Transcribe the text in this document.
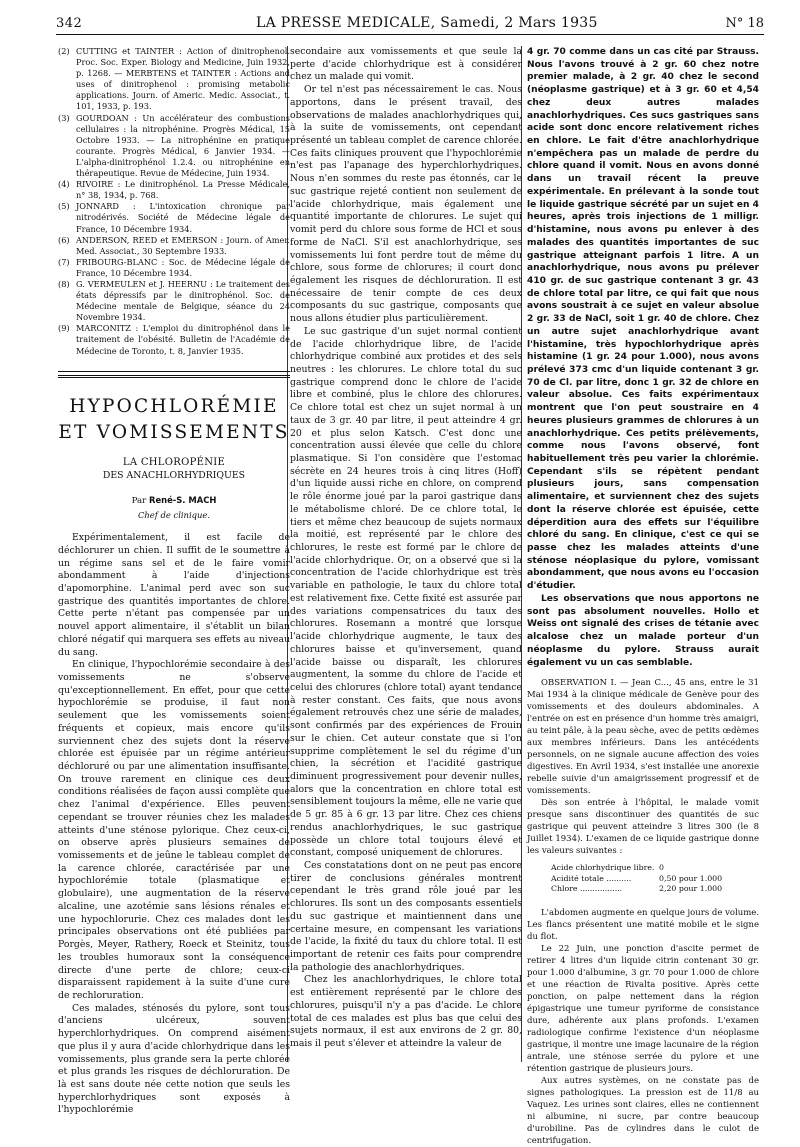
342	LA PRESSE MEDICALE, Samedi, 2 Mars 1935	N° 18
(2) CUTTING et TAINTER : Action of dinitrophenol. Proc. Soc. Exper. Biology and Medicine, Juin 1932, p. 1268. — MERBTENS et TAINTER : Actions and uses of dinitrophenol : promising metabolic applications. Journ. of Americ. Medic. Associat., t. 101, 1933, p. 193.
(3) GOURDOAN : Un accélérateur des combustions cellulaires : la nitrophénine. Progrès Médical, 15 Octobre 1933. — La nitrophénine en pratique courante. Progrès Médical, 6 Janvier 1934. — L'alpha-dinitrophénol 1.2.4. ou nitrophénine en thérapeutique. Revue de Médecine, Juin 1934.
(4) RIVOIRE : Le dinitrophénol. La Presse Médicale, n° 38, 1934, p. 768.
(5) JONNARD : L'intoxication chronique par nitrodérivés. Société de Médecine légale de France, 10 Décembre 1934.
(6) ANDERSON, REED et EMERSON : Journ. of Amer. Med. Associat., 30 Septembre 1933.
(7) FRIBOURG-BLANC : Soc. de Médecine légale de France, 10 Décembre 1934.
(8) G. VERMEULEN et J. HEERNU : Le traitement des états dépressifs par le dinitrophénol. Soc. de Médecine mentale de Belgique, séance du 24 Novembre 1934.
(9) MARCONITZ : L'emploi du dinitrophénol dans le traitement de l'obésité. Bulletin de l'Académie de Médecine de Toronto, t. 8, Janvier 1935.
HYPOCHLORÉMIE ET VOMISSEMENTS
LA CHLOROPÉNIE
DES ANACHLORHYDRIQUES
Par René-S. MACH
Chef de clinique.

Expérimentalement, il est facile de déchlorurer un chien. Il suffit de le soumettre à un régime sans sel et de le faire vomir abondamment à l'aide d'injections d'apomorphine. L'animal perd avec son suc gastrique des quantités importantes de chlore. Cette perte n'étant pas compensée par un nouvel apport alimentaire, il s'établit un bilan chloré négatif qui marquera ses effets au niveau du sang.

En clinique, l'hypochlorémie secondaire à des vomissements ne s'observe qu'exceptionnellement. En effet, pour que cette hypochlorémie se produise, il faut non seulement que les vomissements soient fréquents et copieux, mais encore qu'ils surviennent chez des sujets dont la réserve chlorée est épuisée par un régime antérieur déchloruré ou par une alimentation insuffisante. On trouve rarement en clinique ces deux conditions réalisées de façon aussi complète que chez l'animal d'expérience. Elles peuvent cependant se trouver réunies chez les malades atteints d'une sténose pylorique. Chez ceux-ci, on observe après plusieurs semaines de vomissements et de jeûne le tableau complet de la carence chlorée, caractérisée par une hypochlorémie totale (plasmatique et globulaire), une augmentation de la réserve alcaline, une azotémie sans lésions rénales et une hypochlorurie. Chez ces malades dont les principales observations ont été publiées par Porgès, Meyer, Rathery, Roeck et Steinitz, tous les troubles humoraux sont la conséquence directe d'une perte de chlore; ceux-ci disparaissent rapidement à la suite d'une cure de rechloruration.

Ces malades, sténosés du pylore, sont tous d'anciens ulcéreux, souvent hyperchlorhydriques. On comprend aisément que plus il y aura d'acide chlorhydrique dans les vomissements, plus grande sera la perte chlorée et plus grands les risques de déchloruration. De là est sans doute née cette notion que seuls les hyperchlorhydriques sont exposés à l'hypochlorémie

secondaire aux vomissements et que seule la perte d'acide chlorhydrique est à considérer chez un malade qui vomit.

Or tel n'est pas nécessairement le cas. Nous apportons, dans le présent travail, des observations de malades anachlorhydriques qui, à la suite de vomissements, ont cependant présenté un tableau complet de carence chlorée. Ces faits cliniques prouvent que l'hypochlorémie n'est pas l'apanage des hyperchlorhydriques. Nous n'en sommes du reste pas étonnés, car le suc gastrique rejeté contient non seulement de l'acide chlorhydrique, mais également une quantité importante de chlorures. Le sujet qui vomit perd du chlore sous forme de HCl et sous forme de NaCl. S'il est anachlorhydrique, ses vomissements lui font perdre tout de même du chlore, sous forme de chlorures; il court donc également les risques de déchloruration. Il est nécessaire de tenir compte de ces deux composants du suc gastrique, composants que nous allons étudier plus particulièrement.

Le suc gastrique d'un sujet normal contient de l'acide chlorhydrique libre, de l'acide chlorhydrique combiné aux protides et des sels neutres : les chlorures. Le chlore total du suc gastrique comprend donc le chlore de l'acide libre et combiné, plus le chlore des chlorures. Ce chlore total est chez un sujet normal à un taux de 3 gr. 40 par litre, il peut atteindre 4 gr. 20 et plus selon Katsch. C'est donc une concentration aussi élevée que celle du chlore plasmatique. Si l'on considère que l'estomac sécrète en 24 heures trois à cinq litres (Hoff) d'un liquide aussi riche en chlore, on comprend le rôle énorme joué par la paroi gastrique dans le métabolisme chloré. De ce chlore total, le tiers et même chez beaucoup de sujets normaux la moitié, est représenté par le chlore des chlorures, le reste est formé par le chlore de l'acide chlorhydrique. Or, on a observé que si la concentration de l'acide chlorhydrique est très variable en pathologie, le taux du chlore total est relativement fixe. Cette fixité est assurée par des variations compensatrices du taux des chlorures. Rosemann a montré que lorsque l'acide chlorhydrique augmente, le taux des chlorures baisse et qu'inversement, quand l'acide baisse ou disparaît, les chlorures augmentent, la somme du chlore de l'acide et celui des chlorures (chlore total) ayant tendance à rester constant. Ces faits, que nous avons également retrouvés chez une série de malades, sont confirmés par des expériences de Frouin sur le chien. Cet auteur constate que si l'on supprime complètement le sel du régime d'un chien, la sécrétion et l'acidité gastrique diminuent progressivement pour devenir nulles, alors que la concentration en chlore total est sensiblement toujours la même, elle ne varie que de 5 gr. 85 à 6 gr. 13 par litre. Chez ces chiens rendus anachlorhydriques, le suc gastrique possède un chlore total toujours élevé et constant, composé uniquement de chlorures.

Ces constatations dont on ne peut pas encore tirer de conclusions générales montrent cependant le très grand rôle joué par les chlorures. Ils sont un des composants essentiels du suc gastrique et maintiennent dans une certaine mesure, en compensant les variations de l'acide, la fixité du taux du chlore total. Il est important de retenir ces faits pour comprendre la pathologie des anachlorhydriques.

Chez les anachlorhydriques, le chlore total est entièrement représenté par le chlore des chlorures, puisqu'il n'y a pas d'acide. Le chlore total de ces malades est plus bas que celui des sujets normaux, il est aux environs de 2 gr. 80, mais il peut s'élever et atteindre la valeur de

4 gr. 70 comme dans un cas cité par Strauss. Nous l'avons trouvé à 2 gr. 60 chez notre premier malade, à 2 gr. 40 chez le second (néoplasme gastrique) et à 3 gr. 60 et 4,54 chez deux autres malades anachlorhydriques. Ces sucs gastriques sans acide sont donc encore relativement riches en chlore. Le fait d'être anachlorhydrique n'empêchera pas un malade de perdre du chlore quand il vomit. Nous en avons donné dans un travail récent la preuve expérimentale. En prélevant à la sonde tout le liquide gastrique sécrété par un sujet en 4 heures, après trois injections de 1 milligr. d'histamine, nous avons pu enlever à des malades des quantités importantes de suc gastrique atteignant parfois 1 litre. A un anachlorhydrique, nous avons pu prélever 410 gr. de suc gastrique contenant 3 gr. 43 de chlore total par litre, ce qui fait que nous avons soustrait à ce sujet en valeur absolue 2 gr. 33 de NaCl, soit 1 gr. 40 de chlore. Chez un autre sujet anachlorhydrique avant l'histamine, très hypochlorhydrique après histamine (1 gr. 24 pour 1.000), nous avons prélevé 373 cmc d'un liquide contenant 3 gr. 70 de Cl. par litre, donc 1 gr. 32 de chlore en valeur absolue. Ces faits expérimentaux montrent que l'on peut soustraire en 4 heures plusieurs grammes de chlorures à un anachlorhydrique. Ces petits prélèvements, comme nous l'avons observé, font habituellement très peu varier la chlorémie. Cependant s'ils se répètent pendant plusieurs jours, sans compensation alimentaire, et surviennent chez des sujets dont la réserve chlorée est épuisée, cette déperdition aura des effets sur l'équilibre chloré du sang. En clinique, c'est ce qui se passe chez les malades atteints d'une sténose néoplasique du pylore, vomissant abondamment, que nous avons eu l'occasion d'étudier.

Les observations que nous apportons ne sont pas absolument nouvelles. Hollo et Weiss ont signalé des crises de tétanie avec alcalose chez un malade porteur d'un néoplasme du pylore. Strauss aurait également vu un cas semblable.

OBSERVATION I. — Jean C..., 45 ans, entre le 31 Mai 1934 à la clinique médicale de Genève pour des vomissements et des douleurs abdominales. A l'entrée on est en présence d'un homme très amaigri, au teint pâle, à la peau sèche, avec de petits œdèmes aux membres inférieurs. Dans les antécédents personnels, on ne signale aucune affection des voies digestives. En Avril 1934, s'est installée une anorexie rebelle suivie d'un amaigrissement progressif et de vomissements.

Dès son entrée à l'hôpital, le malade vomit presque sans discontinuer des quantités de suc gastrique qui peuvent atteindre 3 litres 300 (le 8 Juillet 1934). L'examen de ce liquide gastrique donne les valeurs suivantes :

Acide chlorhydrique libre. 0
Acidité totale ..........	0,50 pour 1.000
Chlore .................	2,20 pour 1.000

L'abdomen augmente en quelque jours de volume. Les flancs présentent une matité mobile et le signe du flot.

Le 22 Juin, une ponction d'ascite permet de retirer 4 litres d'un liquide citrin contenant 30 gr. pour 1.000 d'albumine, 3 gr. 70 pour 1.000 de chlore et une réaction de Rivalta positive. Après cette ponction, on palpe nettement dans la région épigastrique une tumeur pyriforme de consistance dure, adhérente aux plans profonds. L'examen radiologique confirme l'existence d'un néoplasme gastrique, il montre une image lacunaire de la région antrale, une sténose serrée du pylore et une rétention gastrique de plusieurs jours.

Aux autres systèmes, on ne constate pas de signes pathologiques. La pression est de 11/8 au Vaquez. Les urines sont claires, elles ne contiennent ni albumine, ni sucre, par contre beaucoup d'urobiline. Pas de cylindres dans le culot de centrifugation.
